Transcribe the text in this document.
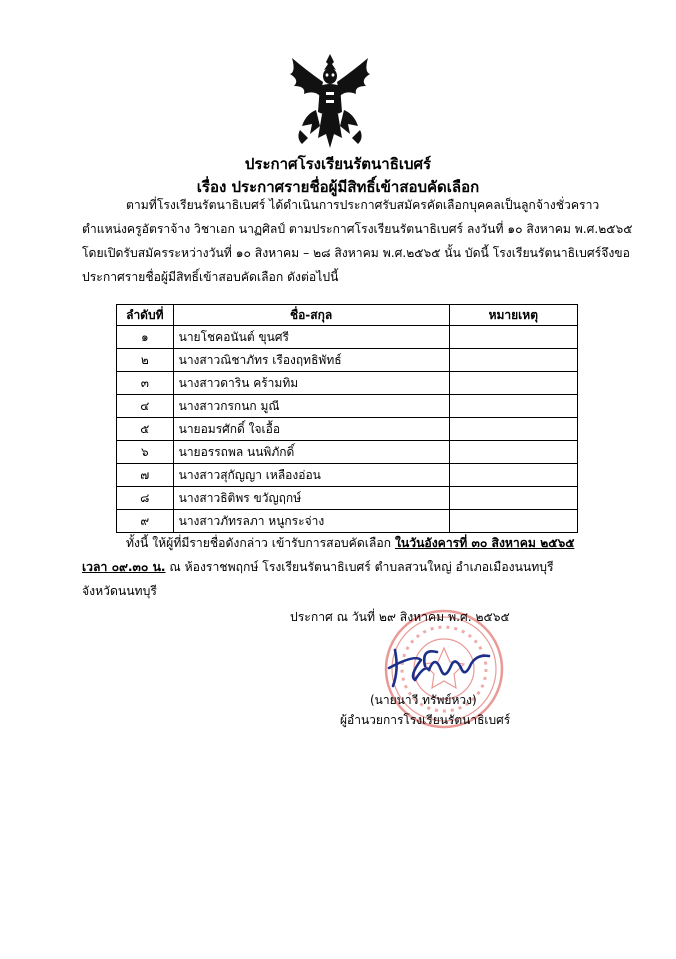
ประกาศโรงเรียนรัตนาธิเบศร์
เรื่อง ประกาศรายชื่อผู้มีสิทธิ์เข้าสอบคัดเลือก
ตามที่โรงเรียนรัตนาธิเบศร์ ได้ดำเนินการประกาศรับสมัครคัดเลือกบุคคลเป็นลูกจ้างชั่วคราว
ตำแหน่งครูอัตราจ้าง วิชาเอก นาฏศิลป์ ตามประกาศโรงเรียนรัตนาธิเบศร์ ลงวันที่ ๑๐ สิงหาคม พ.ศ.๒๕๖๕
โดยเปิดรับสมัครระหว่างวันที่ ๑๐ สิงหาคม – ๒๘ สิงหาคม พ.ศ.๒๕๖๕ นั้น บัดนี้ โรงเรียนรัตนาธิเบศร์จึงขอ
ประกาศรายชื่อผู้มีสิทธิ์เข้าสอบคัดเลือก ดังต่อไปนี้
ลำดับที่	ชื่อ-สกุล	หมายเหตุ
๑	นายโชคอนันต์ ขุนศรี	
๒	นางสาวณิชาภัทร เรืองฤทธิพัทธ์	
๓	นางสาวดาริน คร้ามทิม	
๔	นางสาวกรกนก มูณี	
๕	นายอมรศักดิ์ ใจเอื้อ	
๖	นายอรรถพล นนพิภักดิ์	
๗	นางสาวสุกัญญา เหลืองอ่อน	
๘	นางสาวธิติพร ขวัญฤกษ์	
๙	นางสาวภัทรลภา หนูกระจ่าง	
ทั้งนี้ ให้ผู้ที่มีรายชื่อดังกล่าว เข้ารับการสอบคัดเลือก ในวันอังคารที่ ๓๐ สิงหาคม ๒๕๖๕
เวลา ๐๙.๓๐ น. ณ ห้องราชพฤกษ์ โรงเรียนรัตนาธิเบศร์ ตำบลสวนใหญ่ อำเภอเมืองนนทบุรี
จังหวัดนนทบุรี
ประกาศ ณ วันที่ ๒๙ สิงหาคม พ.ศ. ๒๕๖๕
(นายนาวี ทรัพย์หวง)
ผู้อำนวยการโรงเรียนรัตนาธิเบศร์
